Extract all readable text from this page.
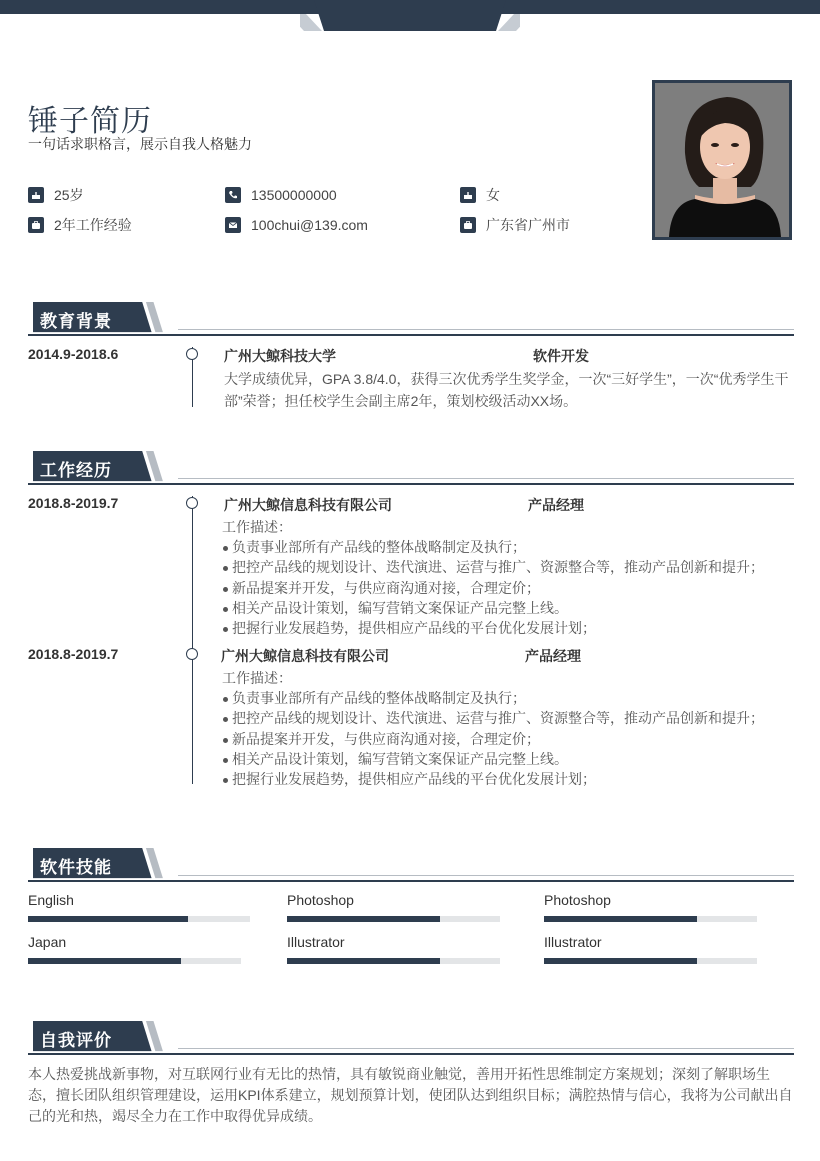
锤子简历
一句话求职格言，展示自我人格魅力
25岁	13500000000	女
2年工作经验	100chui@139.com	广东省广州市
教育背景
2014.9-2018.6	广州大鲸科技大学	软件开发
大学成绩优异，GPA 3.8/4.0，获得三次优秀学生奖学金，一次“三好学生”，一次“优秀学生干部”荣誉；担任校学生会副主席2年，策划校级活动XX场。
工作经历
2018.8-2019.7	广州大鲸信息科技有限公司	产品经理
工作描述：
负责事业部所有产品线的整体战略制定及执行；
把控产品线的规划设计、迭代演进、运营与推广、资源整合等，推动产品创新和提升；
新品提案并开发，与供应商沟通对接，合理定价；
相关产品设计策划，编写营销文案保证产品完整上线。
把握行业发展趋势，提供相应产品线的平台优化发展计划；
2018.8-2019.7	广州大鲸信息科技有限公司	产品经理
工作描述：
负责事业部所有产品线的整体战略制定及执行；
把控产品线的规划设计、迭代演进、运营与推广、资源整合等，推动产品创新和提升；
新品提案并开发，与供应商沟通对接，合理定价；
相关产品设计策划，编写营销文案保证产品完整上线。
把握行业发展趋势，提供相应产品线的平台优化发展计划；
软件技能
English	Photoshop	Photoshop
Japan	Illustrator	Illustrator
自我评价
本人热爱挑战新事物，对互联网行业有无比的热情，具有敏锐商业触觉，善用开拓性思维制定方案规划；深刻了解职场生态，擅长团队组织管理建设，运用KPI体系建立，规划预算计划，使团队达到组织目标；满腔热情与信心，我将为公司献出自己的光和热，竭尽全力在工作中取得优异成绩。
